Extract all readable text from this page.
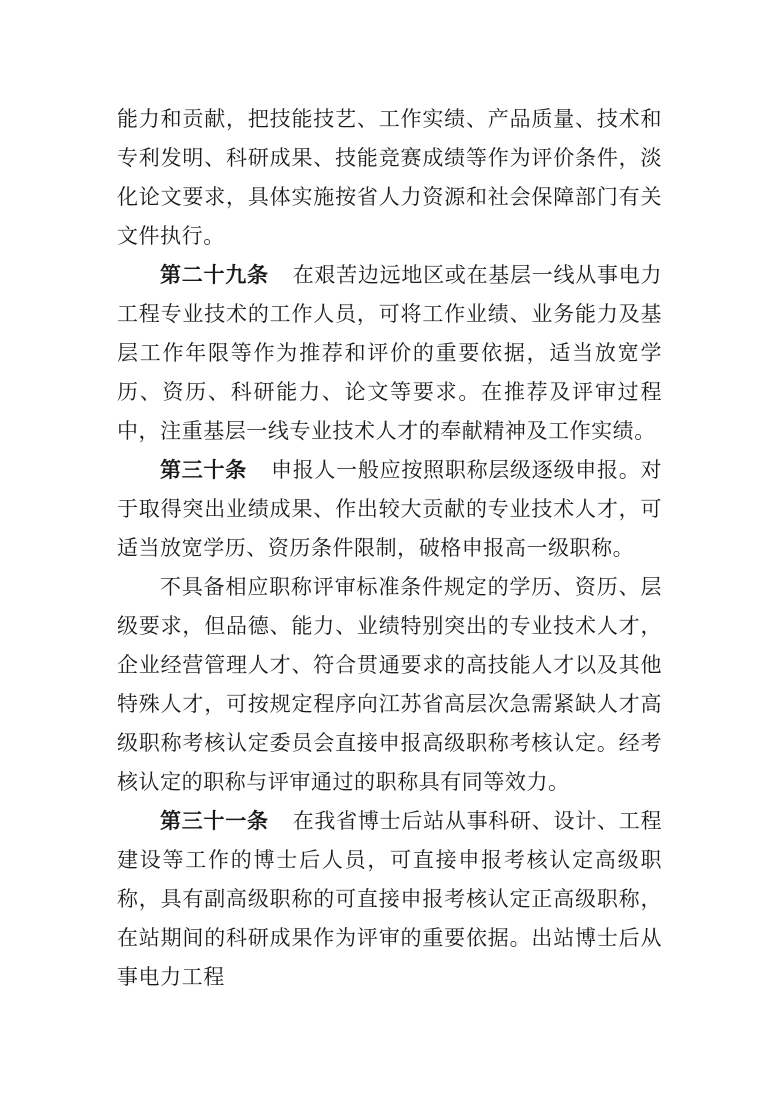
能力和贡献，把技能技艺、工作实绩、产品质量、技术和专利发明、科研成果、技能竞赛成绩等作为评价条件，淡化论文要求，具体实施按省人力资源和社会保障部门有关文件执行。

第二十九条 在艰苦边远地区或在基层一线从事电力工程专业技术的工作人员，可将工作业绩、业务能力及基层工作年限等作为推荐和评价的重要依据，适当放宽学历、资历、科研能力、论文等要求。在推荐及评审过程中，注重基层一线专业技术人才的奉献精神及工作实绩。

第三十条 申报人一般应按照职称层级逐级申报。对于取得突出业绩成果、作出较大贡献的专业技术人才，可适当放宽学历、资历条件限制，破格申报高一级职称。

不具备相应职称评审标准条件规定的学历、资历、层级要求，但品德、能力、业绩特别突出的专业技术人才，企业经营管理人才、符合贯通要求的高技能人才以及其他特殊人才，可按规定程序向江苏省高层次急需紧缺人才高级职称考核认定委员会直接申报高级职称考核认定。经考核认定的职称与评审通过的职称具有同等效力。

第三十一条 在我省博士后站从事科研、设计、工程建设等工作的博士后人员，可直接申报考核认定高级职称，具有副高级职称的可直接申报考核认定正高级职称，在站期间的科研成果作为评审的重要依据。出站博士后从事电力工程
